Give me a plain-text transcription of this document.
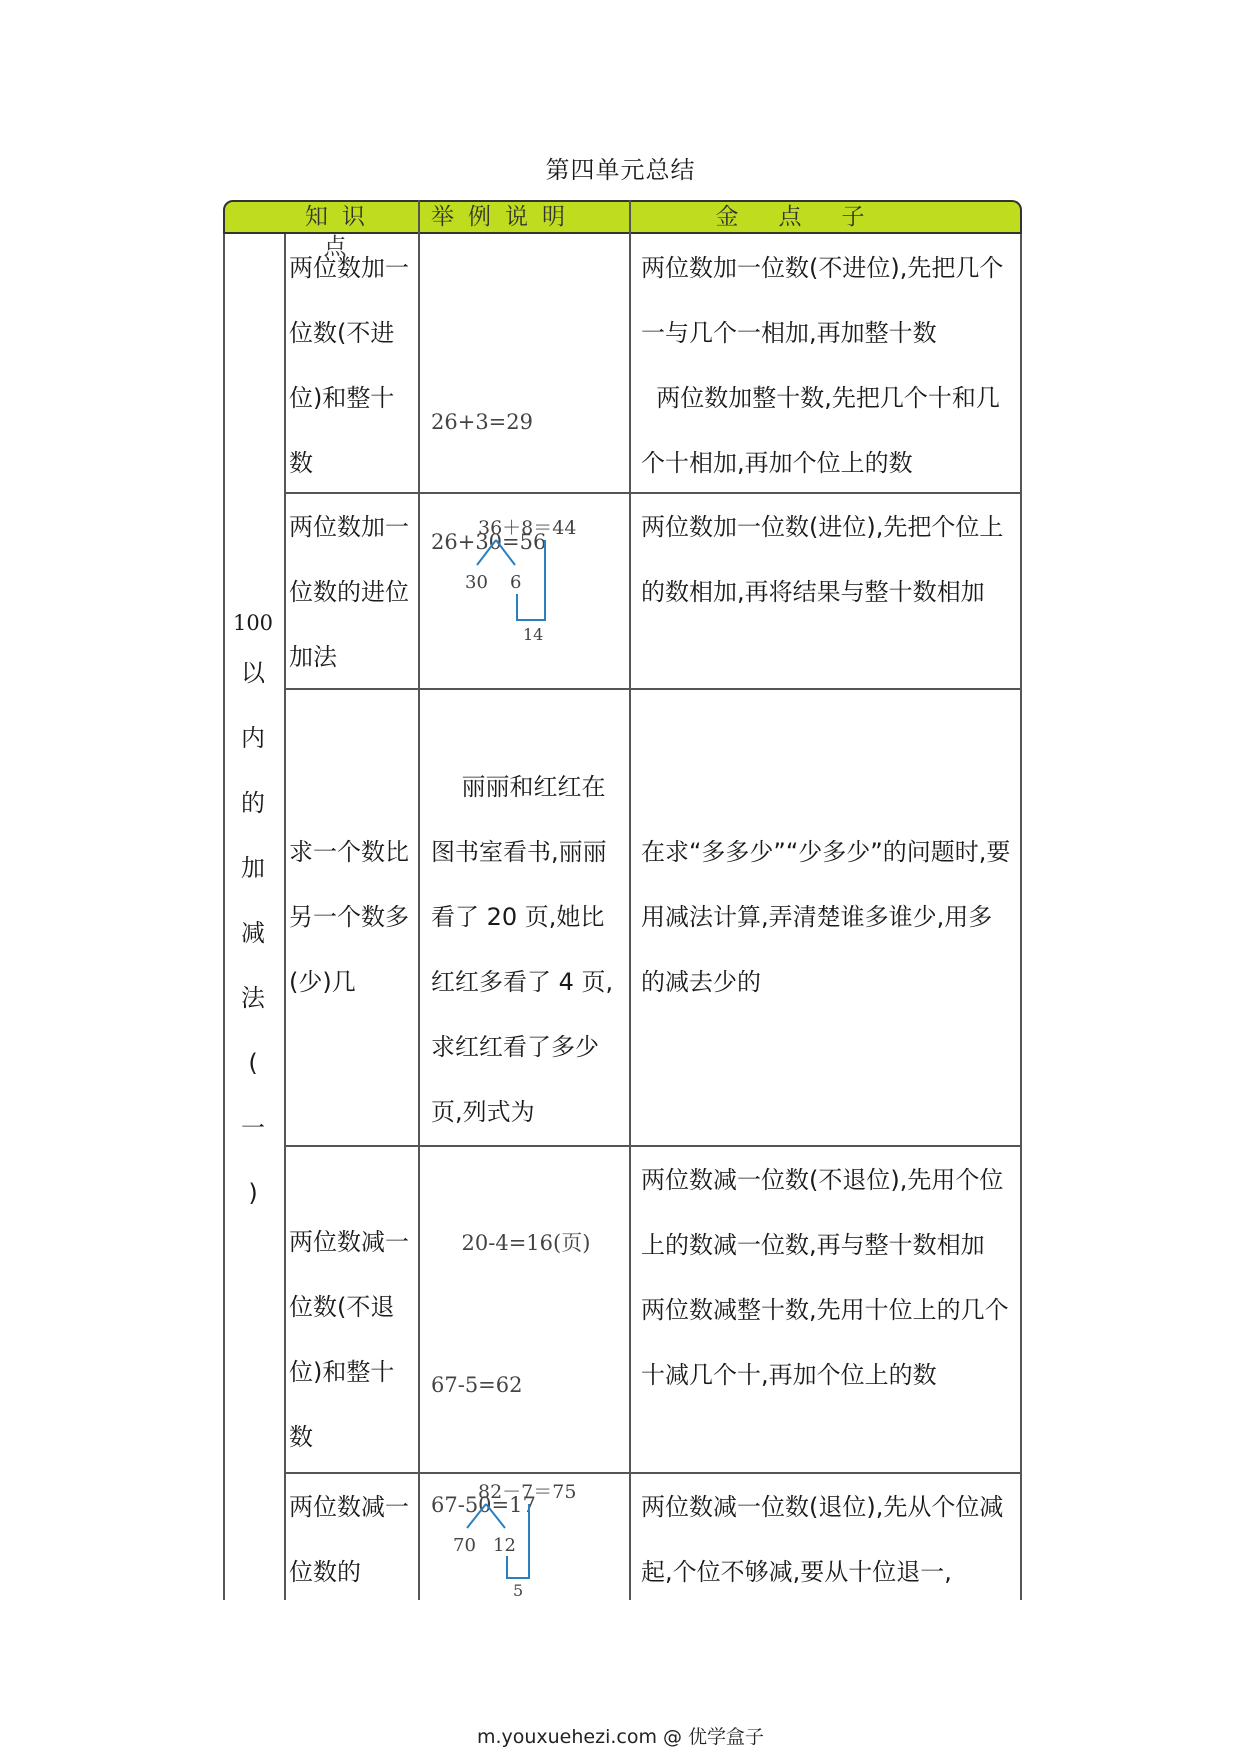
第四单元总结
知识点
举例说明	金点子
100
以
内
的
加
减
法
(
一
)
两位数加一位数(不进位)和整十数

26+3=29

26+30=56

两位数加一位数(不进位),先把几个一与几个一相加,再加整十数
两位数加整十数,先把几个十和几个十相加,再加个位上的数
两位数加一位数的进位加法
36＋8＝44
30 6
14
两位数加一位数(进位),先把个位上的数相加,再将结果与整十数相加
求一个数比另一个数多(少)几

丽丽和红红在图书室看书,丽丽看了 20 页,她比红红多看了 4 页,求红红看了多少页,列式为

20-4=16(页)

在求“多多少”“少多少”的问题时,要用减法计算,弄清楚谁多谁少,用多的减去少的
两位数减一位数(不退位)和整十数

67-5=62

67-50=17

两位数减一位数(不退位),先用个位上的数减一位数,再与整十数相加
两位数减整十数,先用十位上的几个十减几个十,再加个位上的数
两位数减一位数的
82－7＝75
70 12
5
两位数减一位数(退位),先从个位减起,个位不够减,要从十位退一,
m.youxuehezi.com @ 优学盒子
